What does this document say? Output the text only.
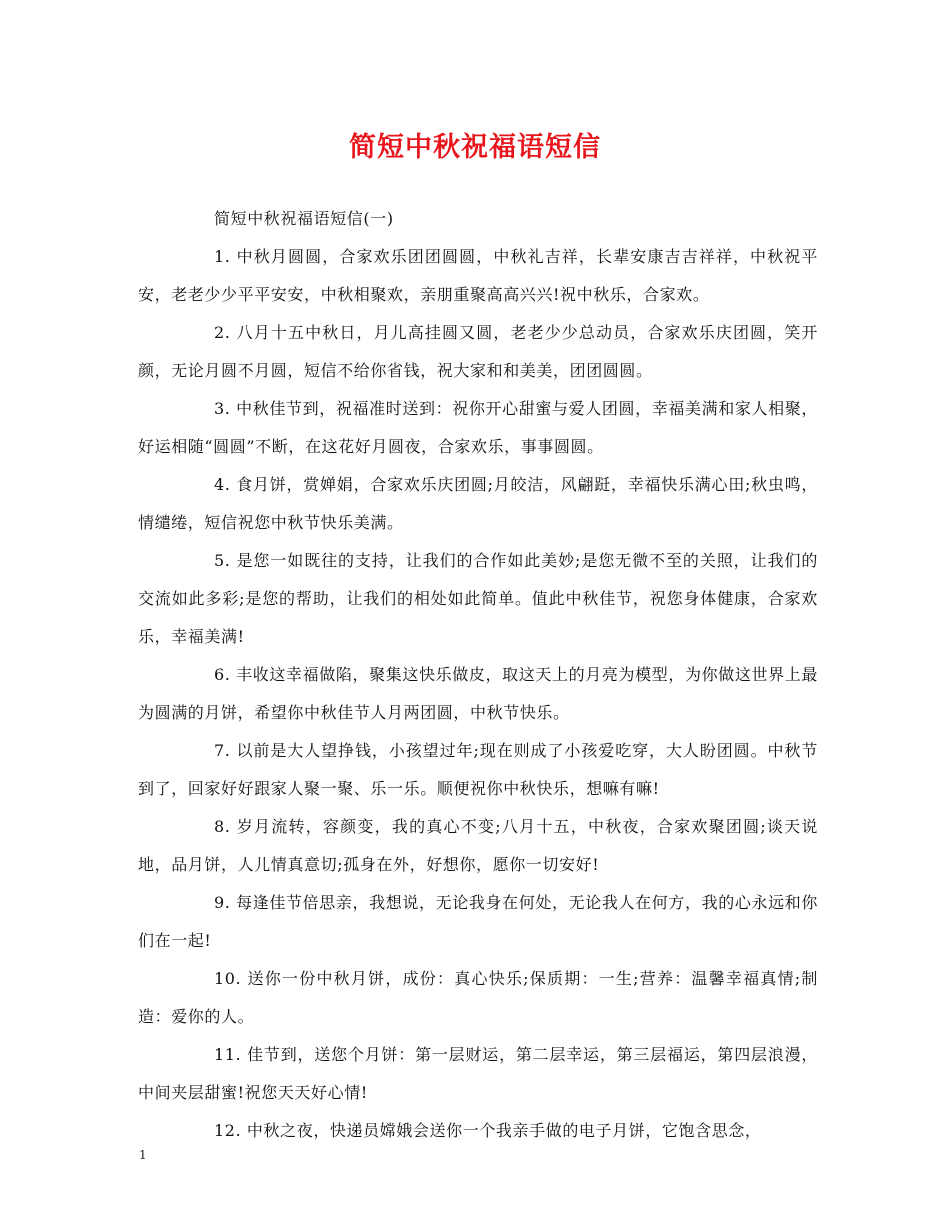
简短中秋祝福语短信

简短中秋祝福语短信(一)

1. 中秋月圆圆，合家欢乐团团圆圆，中秋礼吉祥，长辈安康吉吉祥祥，中秋祝平安，老老少少平平安安，中秋相聚欢，亲朋重聚高高兴兴!祝中秋乐，合家欢。

2. 八月十五中秋日，月儿高挂圆又圆，老老少少总动员，合家欢乐庆团圆，笑开颜，无论月圆不月圆，短信不给你省钱，祝大家和和美美，团团圆圆。

3. 中秋佳节到，祝福准时送到：祝你开心甜蜜与爱人团圆，幸福美满和家人相聚，好运相随“圆圆”不断，在这花好月圆夜，合家欢乐，事事圆圆。

4. 食月饼，赏婵娟，合家欢乐庆团圆;月皎洁，风翩跹，幸福快乐满心田;秋虫鸣，情缱绻，短信祝您中秋节快乐美满。

5. 是您一如既往的支持，让我们的合作如此美妙;是您无微不至的关照，让我们的交流如此多彩;是您的帮助，让我们的相处如此简单。值此中秋佳节，祝您身体健康，合家欢乐，幸福美满!

6. 丰收这幸福做陷，聚集这快乐做皮，取这天上的月亮为模型，为你做这世界上最为圆满的月饼，希望你中秋佳节人月两团圆，中秋节快乐。

7. 以前是大人望挣钱，小孩望过年;现在则成了小孩爱吃穿，大人盼团圆。中秋节到了，回家好好跟家人聚一聚、乐一乐。顺便祝你中秋快乐，想嘛有嘛!

8. 岁月流转，容颜变，我的真心不变;八月十五，中秋夜，合家欢聚团圆;谈天说地，品月饼，人儿情真意切;孤身在外，好想你，愿你一切安好!

9. 每逢佳节倍思亲，我想说，无论我身在何处，无论我人在何方，我的心永远和你们在一起!

10. 送你一份中秋月饼，成份：真心快乐;保质期：一生;营养：温馨幸福真情;制造：爱你的人。

11. 佳节到，送您个月饼：第一层财运，第二层幸运，第三层福运，第四层浪漫，中间夹层甜蜜!祝您天天好心情!

12. 中秋之夜，快递员嫦娥会送你一个我亲手做的电子月饼，它饱含思念，

1
